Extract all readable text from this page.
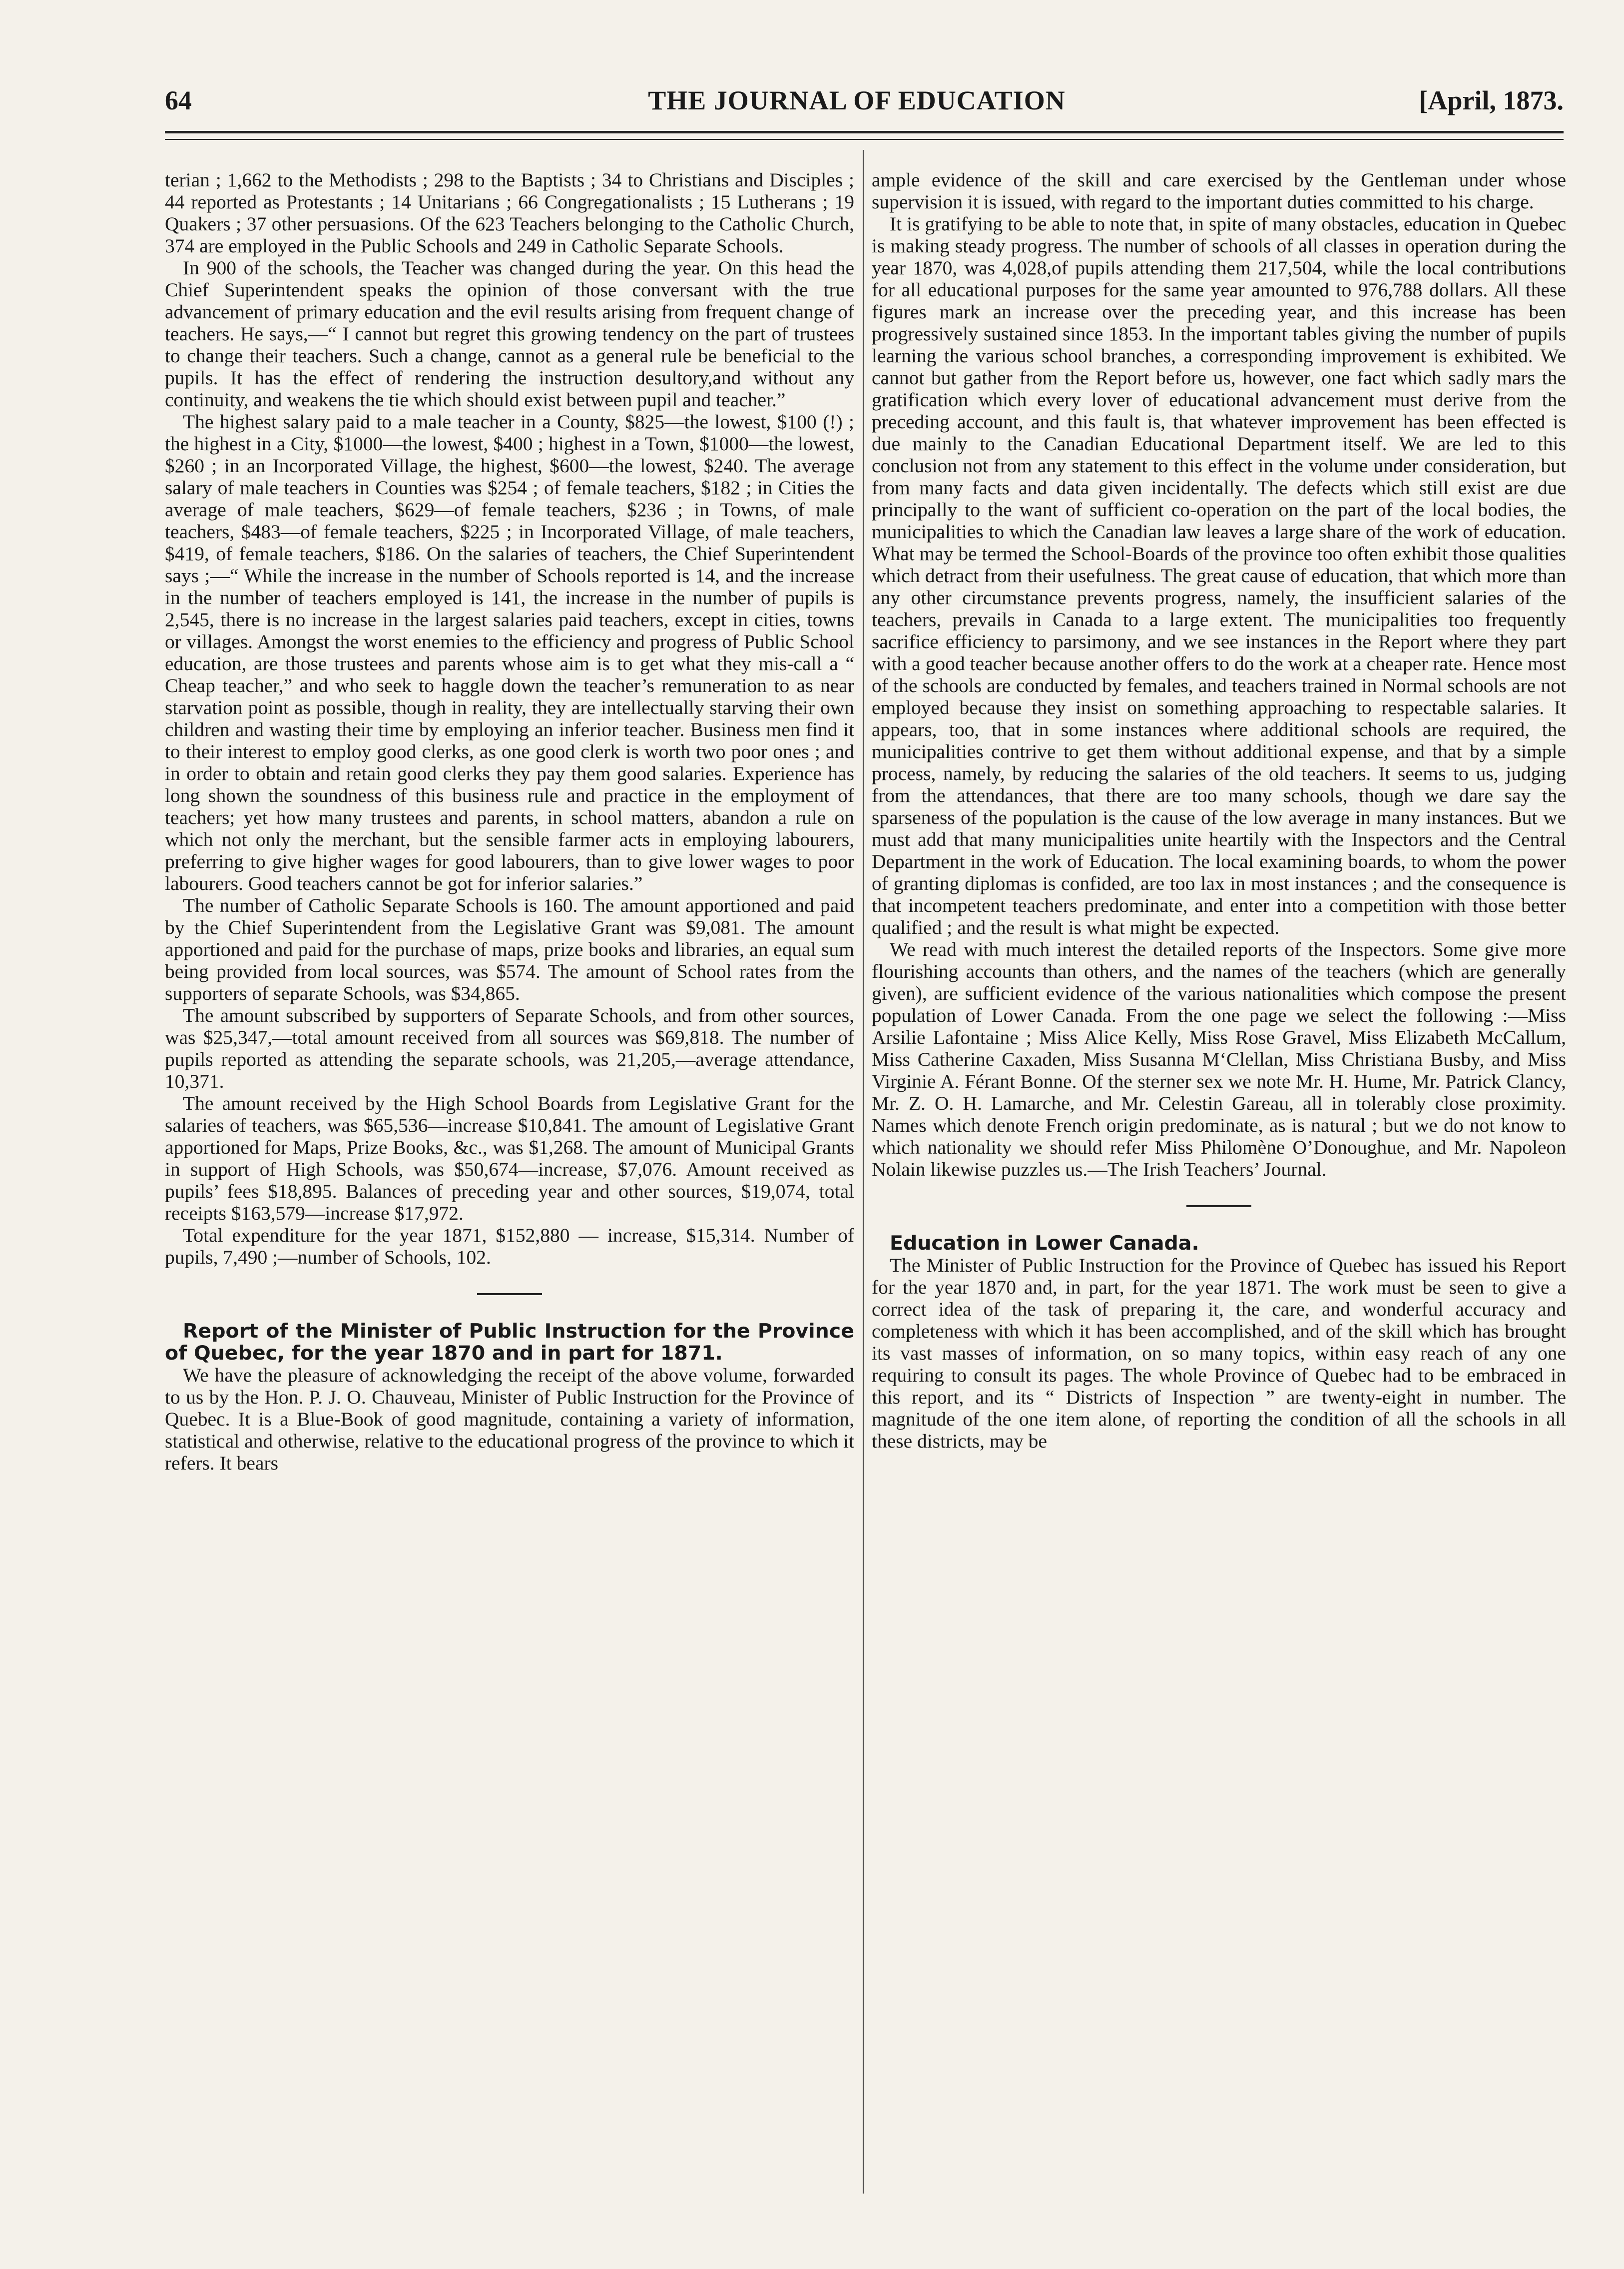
64	THE JOURNAL OF EDUCATION	[April, 1873.

terian ; 1,662 to the Methodists ; 298 to the Baptists ; 34 to Christians and Disciples ; 44 reported as Protestants ; 14 Unitarians ; 66 Congregationalists ; 15 Lutherans ; 19 Quakers ; 37 other persuasions. Of the 623 Teachers belonging to the Catholic Church, 374 are employed in the Public Schools and 249 in Catholic Separate Schools.

In 900 of the schools, the Teacher was changed during the year. On this head the Chief Superintendent speaks the opinion of those conversant with the true advancement of primary education and the evil results arising from frequent change of teachers. He says,—“ I cannot but regret this growing tendency on the part of trustees to change their teachers. Such a change, cannot as a general rule be beneficial to the pupils. It has the effect of rendering the instruction desultory,and without any continuity, and weakens the tie which should exist between pupil and teacher.”

The highest salary paid to a male teacher in a County, $825—the lowest, $100 (!) ; the highest in a City, $1000—the lowest, $400 ; highest in a Town, $1000—the lowest, $260 ; in an Incorporated Village, the highest, $600—the lowest, $240. The average salary of male teachers in Counties was $254 ; of female teachers, $182 ; in Cities the average of male teachers, $629—of female teachers, $236 ; in Towns, of male teachers, $483—of female teachers, $225 ; in Incorporated Village, of male teachers, $419, of female teachers, $186. On the salaries of teachers, the Chief Superintendent says ;—“ While the increase in the number of Schools reported is 14, and the increase in the number of teachers employed is 141, the increase in the number of pupils is 2,545, there is no increase in the largest salaries paid teachers, except in cities, towns or villages. Amongst the worst enemies to the efficiency and progress of Public School education, are those trustees and parents whose aim is to get what they mis-call a “ Cheap teacher,” and who seek to haggle down the teacher’s remuneration to as near starvation point as possible, though in reality, they are intellectually starving their own children and wasting their time by employing an inferior teacher. Business men find it to their interest to employ good clerks, as one good clerk is worth two poor ones ; and in order to obtain and retain good clerks they pay them good salaries. Experience has long shown the soundness of this business rule and practice in the employment of teachers; yet how many trustees and parents, in school matters, abandon a rule on which not only the merchant, but the sensible farmer acts in employing labourers, preferring to give higher wages for good labourers, than to give lower wages to poor labourers. Good teachers cannot be got for inferior salaries.”

The number of Catholic Separate Schools is 160. The amount apportioned and paid by the Chief Superintendent from the Legislative Grant was $9,081. The amount apportioned and paid for the purchase of maps, prize books and libraries, an equal sum being provided from local sources, was $574. The amount of School rates from the supporters of separate Schools, was $34,865.

The amount subscribed by supporters of Separate Schools, and from other sources, was $25,347,—total amount received from all sources was $69,818. The number of pupils reported as attending the separate schools, was 21,205,—average attendance, 10,371.

The amount received by the High School Boards from Legislative Grant for the salaries of teachers, was $65,536—increase $10,841. The amount of Legislative Grant apportioned for Maps, Prize Books, &c., was $1,268. The amount of Municipal Grants in support of High Schools, was $50,674—increase, $7,076. Amount received as pupils’ fees $18,895. Balances of preceding year and other sources, $19,074, total receipts $163,579—increase $17,972.

Total expenditure for the year 1871, $152,880 — increase, $15,314. Number of pupils, 7,490 ;—number of Schools, 102.

Report of the Minister of Public Instruction for the Province of Quebec, for the year 1870 and in part for 1871.

We have the pleasure of acknowledging the receipt of the above volume, forwarded to us by the Hon. P. J. O. Chauveau, Minister of Public Instruction for the Province of Quebec. It is a Blue-Book of good magnitude, containing a variety of information, statistical and otherwise, relative to the educational progress of the province to which it refers. It bears

ample evidence of the skill and care exercised by the Gentleman under whose supervision it is issued, with regard to the important duties committed to his charge.

It is gratifying to be able to note that, in spite of many obstacles, education in Quebec is making steady progress. The number of schools of all classes in operation during the year 1870, was 4,028,of pupils attending them 217,504, while the local contributions for all educational purposes for the same year amounted to 976,788 dollars. All these figures mark an increase over the preceding year, and this increase has been progressively sustained since 1853. In the important tables giving the number of pupils learning the various school branches, a corresponding improvement is exhibited. We cannot but gather from the Report before us, however, one fact which sadly mars the gratification which every lover of educational advancement must derive from the preceding account, and this fault is, that whatever improvement has been effected is due mainly to the Canadian Educational Department itself. We are led to this conclusion not from any statement to this effect in the volume under consideration, but from many facts and data given incidentally. The defects which still exist are due principally to the want of sufficient co-operation on the part of the local bodies, the municipalities to which the Canadian law leaves a large share of the work of education. What may be termed the School-Boards of the province too often exhibit those qualities which detract from their usefulness. The great cause of education, that which more than any other circumstance prevents progress, namely, the insufficient salaries of the teachers, prevails in Canada to a large extent. The municipalities too frequently sacrifice efficiency to parsimony, and we see instances in the Report where they part with a good teacher because another offers to do the work at a cheaper rate. Hence most of the schools are conducted by females, and teachers trained in Normal schools are not employed because they insist on something approaching to respectable salaries. It appears, too, that in some instances where additional schools are required, the municipalities contrive to get them without additional expense, and that by a simple process, namely, by reducing the salaries of the old teachers. It seems to us, judging from the attendances, that there are too many schools, though we dare say the sparseness of the population is the cause of the low average in many instances. But we must add that many municipalities unite heartily with the Inspectors and the Central Department in the work of Education. The local examining boards, to whom the power of granting diplomas is confided, are too lax in most instances ; and the consequence is that incompetent teachers predominate, and enter into a competition with those better qualified ; and the result is what might be expected.

We read with much interest the detailed reports of the Inspectors. Some give more flourishing accounts than others, and the names of the teachers (which are generally given), are sufficient evidence of the various nationalities which compose the present population of Lower Canada. From the one page we select the following :—Miss Arsilie Lafontaine ; Miss Alice Kelly, Miss Rose Gravel, Miss Elizabeth McCallum, Miss Catherine Caxaden, Miss Susanna M‘Clellan, Miss Christiana Busby, and Miss Virginie A. Férant Bonne. Of the sterner sex we note Mr. H. Hume, Mr. Patrick Clancy, Mr. Z. O. H. Lamarche, and Mr. Celestin Gareau, all in tolerably close proximity. Names which denote French origin predominate, as is natural ; but we do not know to which nationality we should refer Miss Philomène O’Donoughue, and Mr. Napoleon Nolain likewise puzzles us.—The Irish Teachers’ Journal.

Education in Lower Canada.

The Minister of Public Instruction for the Province of Quebec has issued his Report for the year 1870 and, in part, for the year 1871. The work must be seen to give a correct idea of the task of preparing it, the care, and wonderful accuracy and completeness with which it has been accomplished, and of the skill which has brought its vast masses of information, on so many topics, within easy reach of any one requiring to consult its pages. The whole Province of Quebec had to be embraced in this report, and its “ Districts of Inspection ” are twenty-eight in number. The magnitude of the one item alone, of reporting the condition of all the schools in all these districts, may be
